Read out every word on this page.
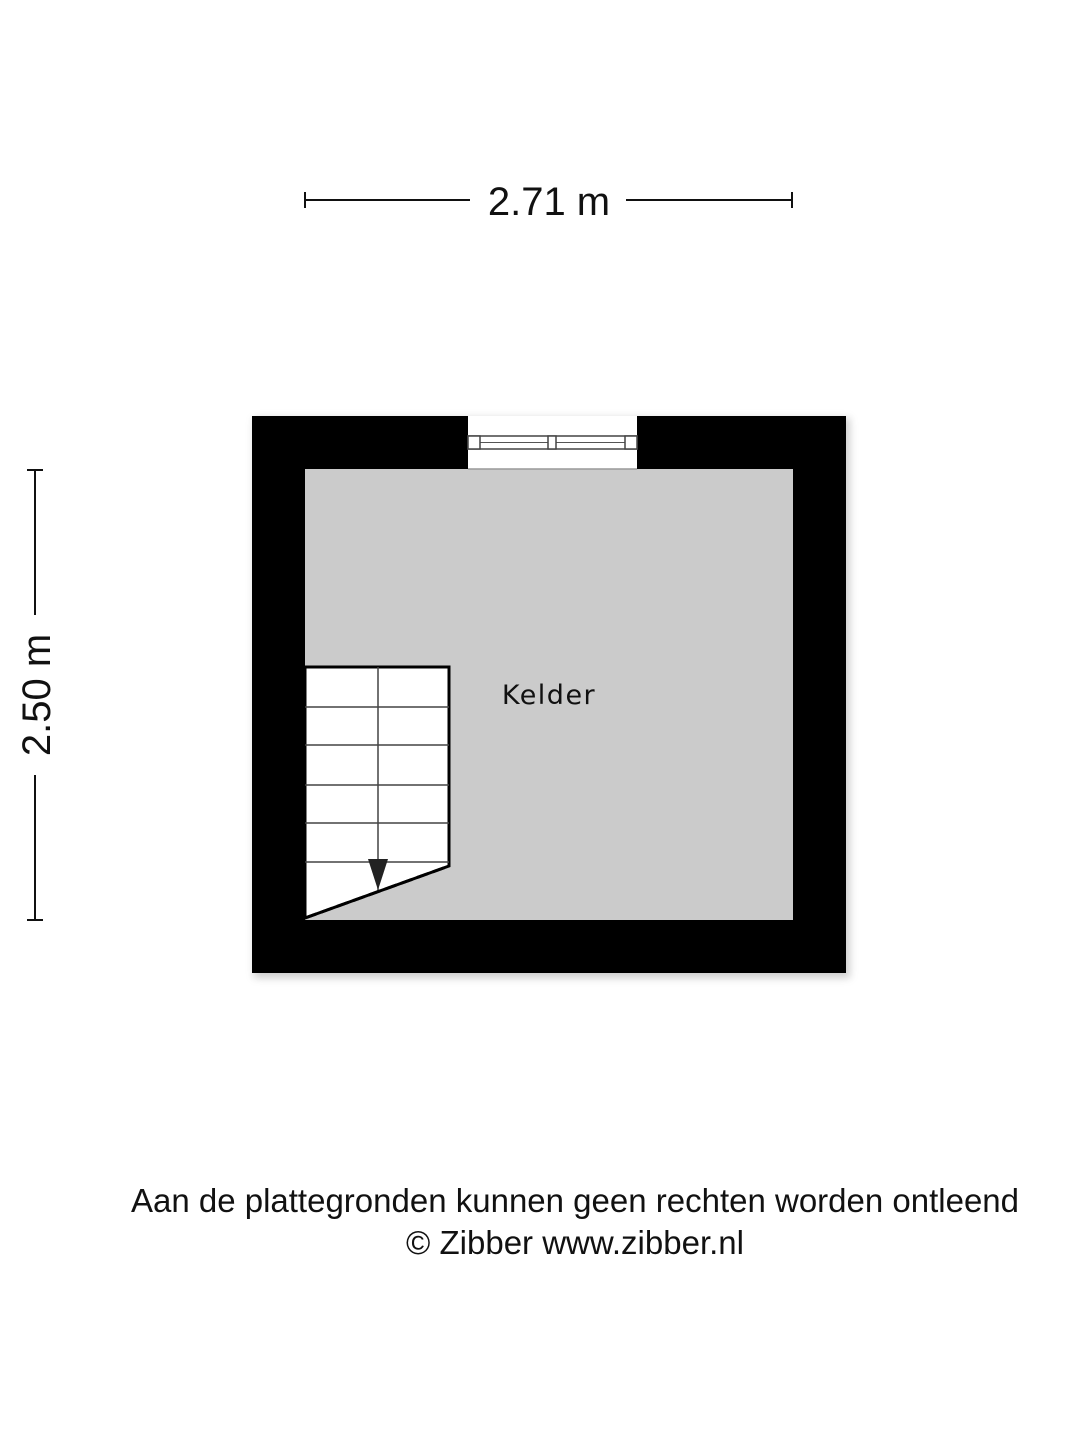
2.71 m
2.50 m	Kelder
Aan de plattegronden kunnen geen rechten worden ontleend
© Zibber www.zibber.nl
